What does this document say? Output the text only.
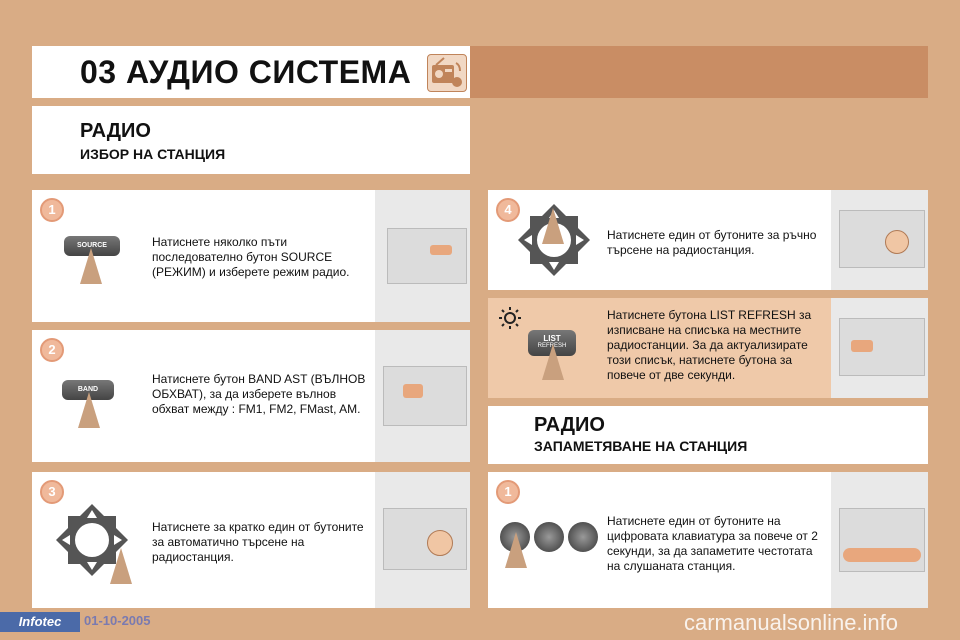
03 АУДИО СИСТЕМА
РАДИО
ИЗБОР НА СТАНЦИЯ
1
SOURCE	Натиснете няколко пъти последователно бутон SOURCE (РЕЖИМ) и изберете режим радио.
2
BAND
Натиснете бутон BAND AST (ВЪЛНОВ ОБХВАТ), за да изберете вълнов обхват между : FM1, FM2, FMast, AM.
3
Натиснете за кратко един от бутоните за автоматично търсене на радиостанция.
4
Натиснете един от бутоните за ръчно търсене на радиостанция.
LIST
REFRESH
Натиснете бутона LIST REFRESH за изписване на списъка на местните радиостанции. За да актуализирате този списък, натиснете бутона за повече от две секунди.
РАДИО
ЗАПАМЕТЯВАНЕ НА СТАНЦИЯ
1
Натиснете един от бутоните на цифровата клавиатура за повече от 2 секунди, за да запаметите честотата на слушаната станция.
Infotec	01-10-2005	carmanualsonline.info
